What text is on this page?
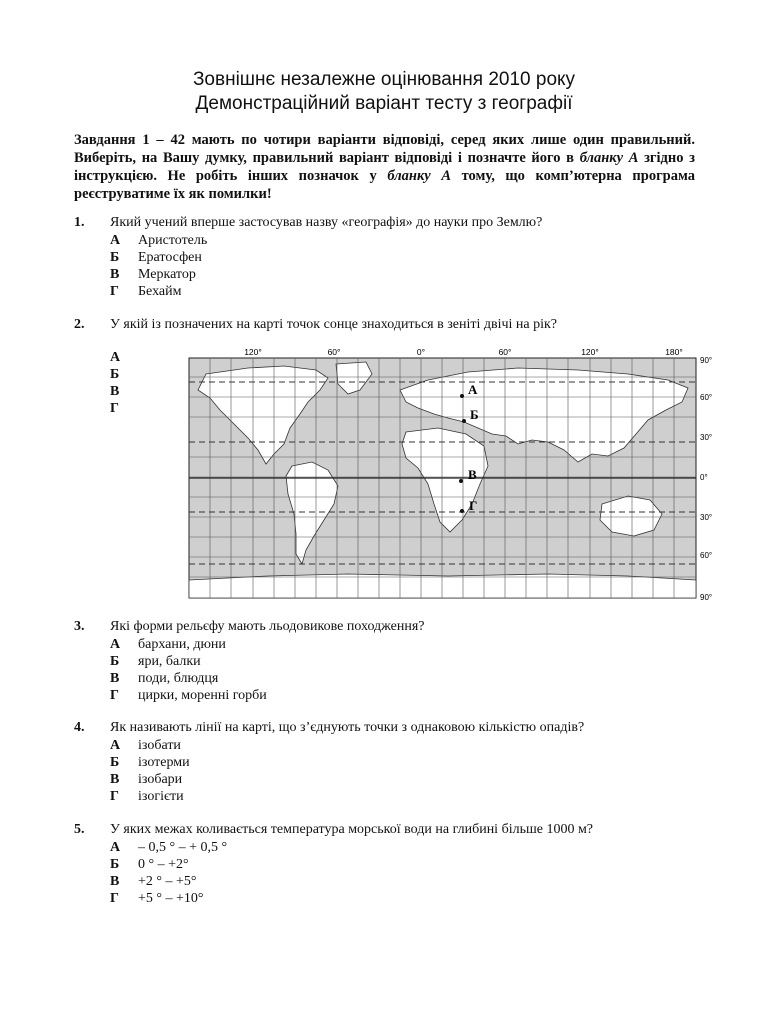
Зовнішнє незалежне оцінювання 2010 року
Демонстраційний варіант тесту з географії
Завдання 1 – 42 мають по чотири варіанти відповіді, серед яких лише один правильний. Виберіть, на Вашу думку, правильний варіант відповіді і позначте його в бланку А згідно з інструкцією. Не робіть інших позначок у бланку А тому, що комп’ютерна програма реєструватиме їх як помилки!
1. Який учений вперше застосував назву «географія» до науки про Землю?
А	Аристотель
Б	Ератосфен
В	Меркатор
Г	Бехайм
2. У якій із позначених на карті точок сонце знаходиться в зеніті двічі на рік?
А
Б
В
Г
120°	60°	0°	60°	120°	180°
90°
60°
30°
0°
30°
60°
90°
А
Б
В
Г
3. Які форми рельєфу мають льодовикове походження?
А	бархани, дюни
Б	яри, балки
В	поди, блюдця
Г	цирки, моренні горби
4. Як називають лінії на карті, що з’єднують точки з однаковою кількістю опадів?
А	ізобати
Б	ізотерми
В	ізобари
Г	ізогієти
5. У яких межах коливається температура морської води на глибині більше 1000 м?
А	– 0,5 ° – + 0,5 °
Б	0 ° – +2°
В	+2 ° – +5°
Г	+5 ° – +10°
